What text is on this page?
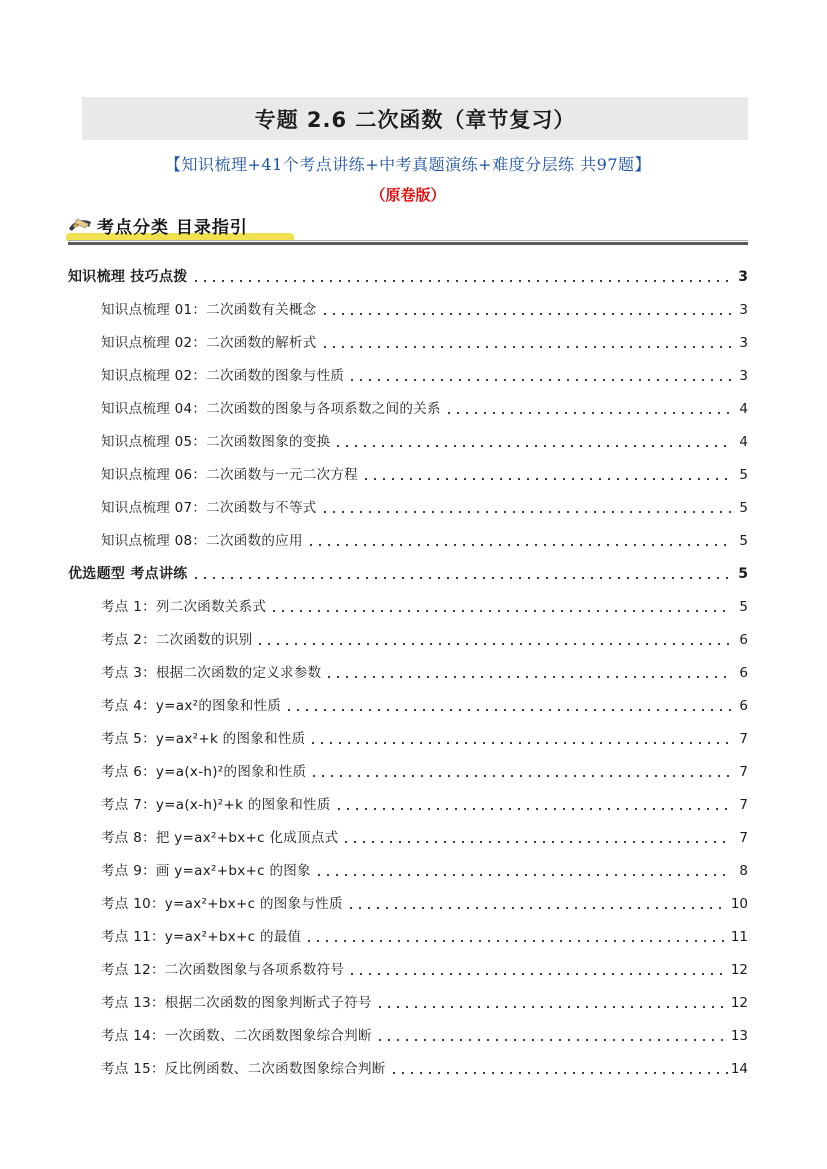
专题 2.6 二次函数（章节复习）
【知识梳理+41个考点讲练+中考真题演练+难度分层练 共97题】
（原卷版）
考点分类 目录指引
知识梳理 技巧点拨	3
知识点梳理 01：二次函数有关概念	3
知识点梳理 02：二次函数的解析式	3
知识点梳理 02：二次函数的图象与性质	3
知识点梳理 04：二次函数的图象与各项系数之间的关系	4
知识点梳理 05：二次函数图象的变换	4
知识点梳理 06：二次函数与一元二次方程	5
知识点梳理 07：二次函数与不等式	5
知识点梳理 08：二次函数的应用	5
优选题型 考点讲练	5
考点 1：列二次函数关系式	5
考点 2：二次函数的识别	6
考点 3：根据二次函数的定义求参数	6
考点 4：y=ax²的图象和性质	6
考点 5：y=ax²+k 的图象和性质	7
考点 6：y=a(x-h)²的图象和性质	7
考点 7：y=a(x-h)²+k 的图象和性质	7
考点 8：把 y=ax²+bx+c 化成顶点式	7
考点 9：画 y=ax²+bx+c 的图象	8
考点 10：y=ax²+bx+c 的图象与性质	10
考点 11：y=ax²+bx+c 的最值	11
考点 12：二次函数图象与各项系数符号	12
考点 13：根据二次函数的图象判断式子符号	12
考点 14：一次函数、二次函数图象综合判断	13
考点 15：反比例函数、二次函数图象综合判断	14
